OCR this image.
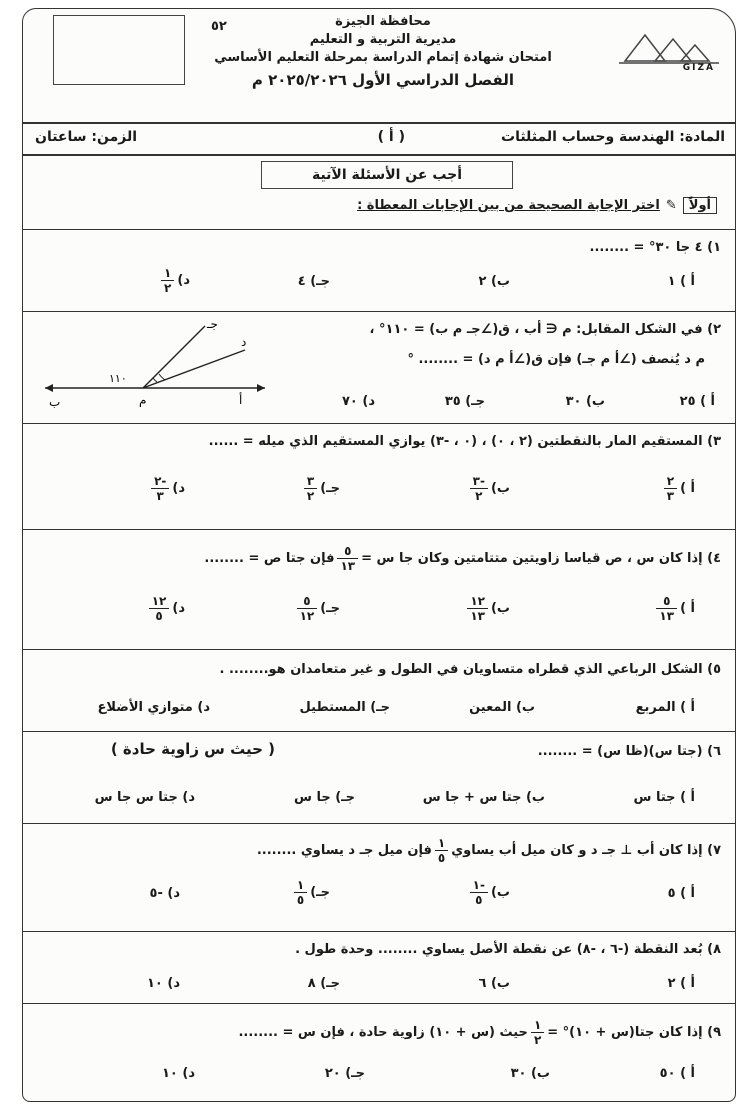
٥٢	محافظة الجيزة
مديرية التربية و التعليم
امتحان شهادة إتمام الدراسة بمرحلة التعليم الأساسي
الفصل الدراسي الأول ٢٠٢٥/٢٠٢٦ م
GIZA
المادة: الهندسة وحساب المثلثات
( أ )
الزمن: ساعتان
أجب عن الأسئلة الآتية
أولاً✎اختر الإجابة الصحيحة من بين الإجابات المعطاة :
١) ٤ جا ٣٠° = ........
أ ) ١
ب) ٢
جـ) ٤
د)
$\frac{١}{٢}$
٢) في الشكل المقابل: م ∈ أب ، ق(∠جـ م ب) = ١١٠° ،
م د يُنصف (∠أ م جـ) فإن ق(∠أ م د) = ........ °
جـ
د
١١٠
ب	م	أ	أ ) ٢٥
ب) ٣٠
جـ) ٣٥
د) ٧٠
٣) المستقيم المار بالنقطتين (٢ ، ٠) ، (٠ ، -٣) يوازي المستقيم الذي ميله = ......
أ )
$\frac{٢}{٣}$
ب)
$\frac{-٣}{٢}$
جـ)
$\frac{٣}{٢}$
د)
$\frac{-٢}{٣}$
٤) إذا كان س ، ص قياسا زاويتين متتامتين وكان جا س =
$\frac{٥}{١٣}$
فإن جتا ص = ........
أ )
$\frac{٥}{١٣}$
ب)
$\frac{١٢}{١٣}$
جـ)
$\frac{٥}{١٢}$
د)
$\frac{١٢}{٥}$
٥) الشكل الرباعي الذي قطراه متساويان في الطول و غير متعامدان هو........ .
أ ) المربع
ب) المعين
جـ) المستطيل
د) متوازي الأضلاع
٦) (جتا س)(ظا س) = ........
( حيث س زاوية حادة )
أ ) جتا س
ب) جتا س + جا س
جـ) جا س
د) جتا س جا س
٧) إذا كان أب ⊥ جـ د و كان ميل أب يساوي
$\frac{١}{٥}$
فإن ميل جـ د يساوي ........
أ ) ٥
ب)
$\frac{-١}{٥}$
جـ)
$\frac{١}{٥}$
د) -٥
٨) بُعد النقطة (-٦ ، -٨) عن نقطة الأصل يساوي ........ وحدة طول .
أ ) ٢
ب) ٦
جـ) ٨
د) ١٠
٩) إذا كان جتا(س + ١٠)° =
$\frac{١}{٢}$
حيث (س + ١٠) زاوية حادة ، فإن س = ........
أ ) ٥٠
ب) ٣٠
جـ) ٢٠
د) ١٠
